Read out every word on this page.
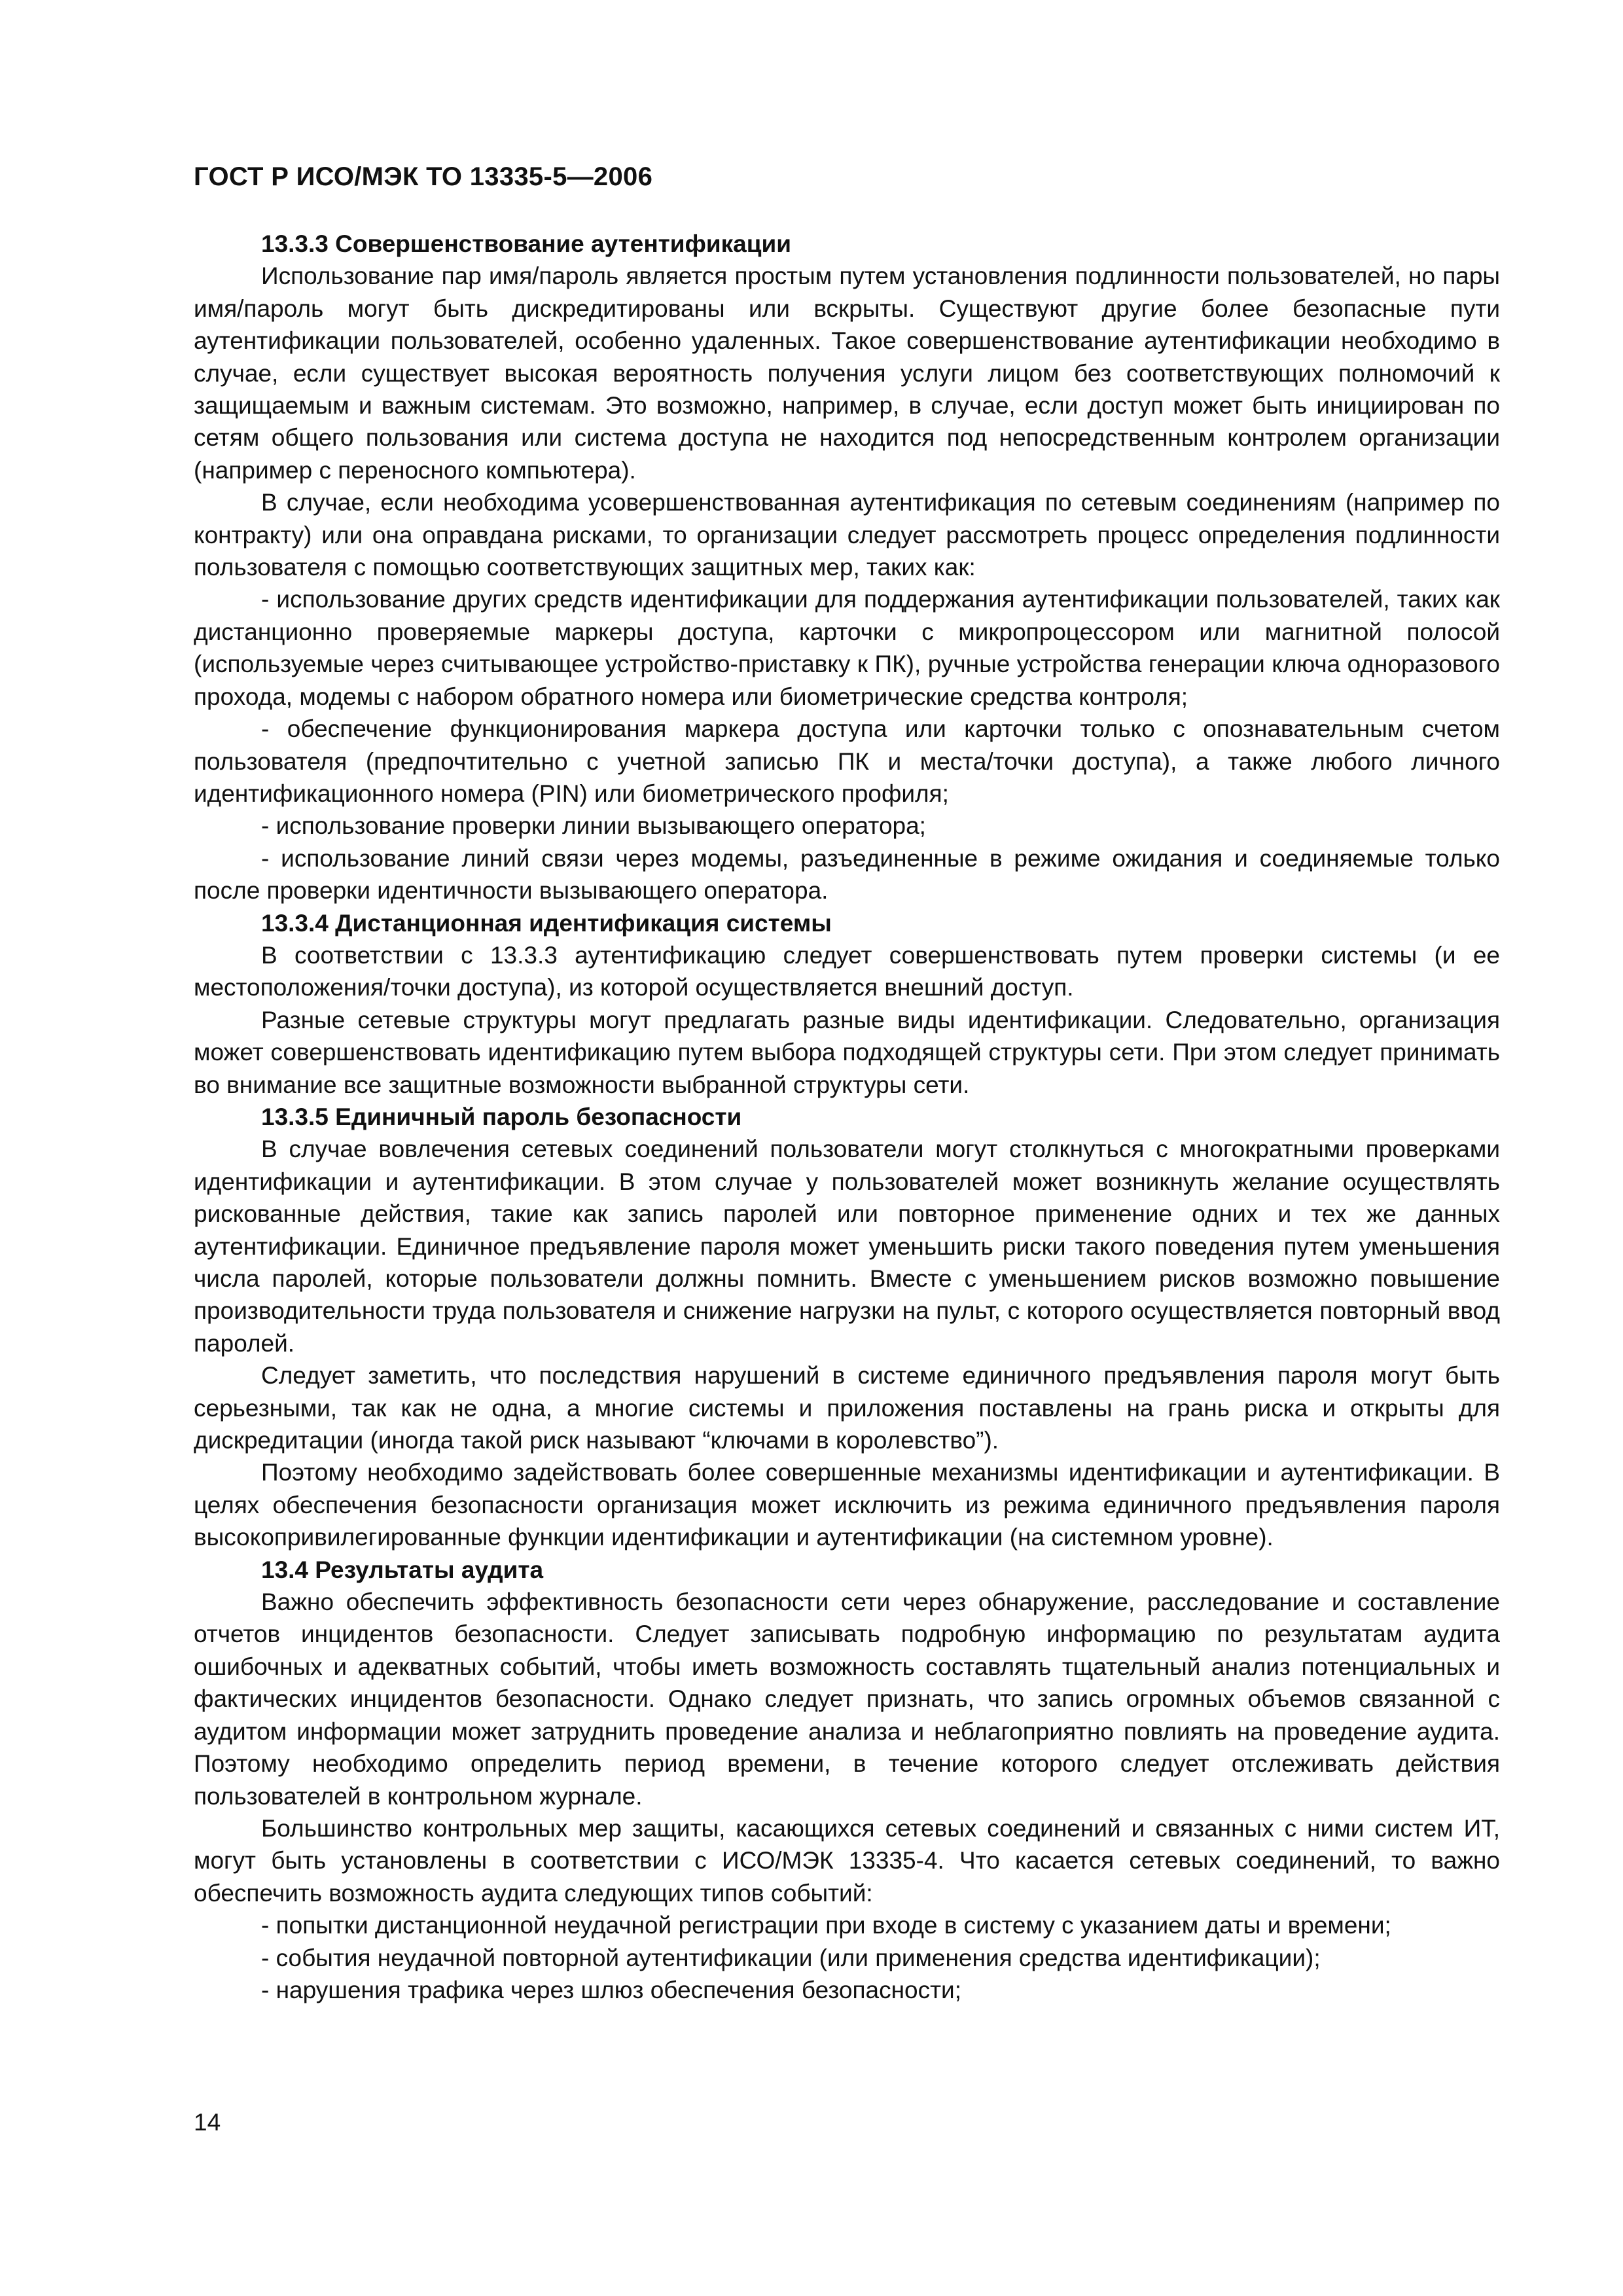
ГОСТ Р ИСО/МЭК ТО 13335-5—2006
13.3.3 Совершенствование аутентификации

Использование пар имя/пароль является простым путем установления подлинности пользователей, но пары имя/пароль могут быть дискредитированы или вскрыты. Существуют другие более безопасные пути аутентификации пользователей, особенно удаленных. Такое совершенствование аутентификации необходимо в случае, если существует высокая вероятность получения услуги лицом без соответствующих полномочий к защищаемым и важным системам. Это возможно, например, в случае, если доступ может быть инициирован по сетям общего пользования или система доступа не находится под непосредственным контролем организации (например с переносного компьютера).

В случае, если необходима усовершенствованная аутентификация по сетевым соединениям (например по контракту) или она оправдана рисками, то организации следует рассмотреть процесс определения подлинности пользователя с помощью соответствующих защитных мер, таких как:

- использование других средств идентификации для поддержания аутентификации пользователей, таких как дистанционно проверяемые маркеры доступа, карточки с микропроцессором или магнитной полосой (используемые через считывающее устройство-приставку к ПК), ручные устройства генерации ключа одноразового прохода, модемы с набором обратного номера или биометрические средства контроля;

- обеспечение функционирования маркера доступа или карточки только с опознавательным счетом пользователя (предпочтительно с учетной записью ПК и места/точки доступа), а также любого личного идентификационного номера (PIN) или биометрического профиля;

- использование проверки линии вызывающего оператора;

- использование линий связи через модемы, разъединенные в режиме ожидания и соединяемые только после проверки идентичности вызывающего оператора.

13.3.4 Дистанционная идентификация системы

В соответствии с 13.3.3 аутентификацию следует совершенствовать путем проверки системы (и ее местоположения/точки доступа), из которой осуществляется внешний доступ.

Разные сетевые структуры могут предлагать разные виды идентификации. Следовательно, организация может совершенствовать идентификацию путем выбора подходящей структуры сети. При этом следует принимать во внимание все защитные возможности выбранной структуры сети.

13.3.5 Единичный пароль безопасности

В случае вовлечения сетевых соединений пользователи могут столкнуться с многократными проверками идентификации и аутентификации. В этом случае у пользователей может возникнуть желание осуществлять рискованные действия, такие как запись паролей или повторное применение одних и тех же данных аутентификации. Единичное предъявление пароля может уменьшить риски такого поведения путем уменьшения числа паролей, которые пользователи должны помнить. Вместе с уменьшением рисков возможно повышение производительности труда пользователя и снижение нагрузки на пульт, с которого осуществляется повторный ввод паролей.

Следует заметить, что последствия нарушений в системе единичного предъявления пароля могут быть серьезными, так как не одна, а многие системы и приложения поставлены на грань риска и открыты для дискредитации (иногда такой риск называют “ключами в королевство”).

Поэтому необходимо задействовать более совершенные механизмы идентификации и аутентификации. В целях обеспечения безопасности организация может исключить из режима единичного предъявления пароля высокопривилегированные функции идентификации и аутентификации (на системном уровне).

13.4 Результаты аудита

Важно обеспечить эффективность безопасности сети через обнаружение, расследование и составление отчетов инцидентов безопасности. Следует записывать подробную информацию по результатам аудита ошибочных и адекватных событий, чтобы иметь возможность составлять тщательный анализ потенциальных и фактических инцидентов безопасности. Однако следует признать, что запись огромных объемов связанной с аудитом информации может затруднить проведение анализа и неблагоприятно повлиять на проведение аудита. Поэтому необходимо определить период времени, в течение которого следует отслеживать действия пользователей в контрольном журнале.

Большинство контрольных мер защиты, касающихся сетевых соединений и связанных с ними систем ИТ, могут быть установлены в соответствии с ИСО/МЭК 13335-4. Что касается сетевых соединений, то важно обеспечить возможность аудита следующих типов событий:

- попытки дистанционной неудачной регистрации при входе в систему с указанием даты и времени;

- события неудачной повторной аутентификации (или применения средства идентификации);

- нарушения трафика через шлюз обеспечения безопасности;

14
